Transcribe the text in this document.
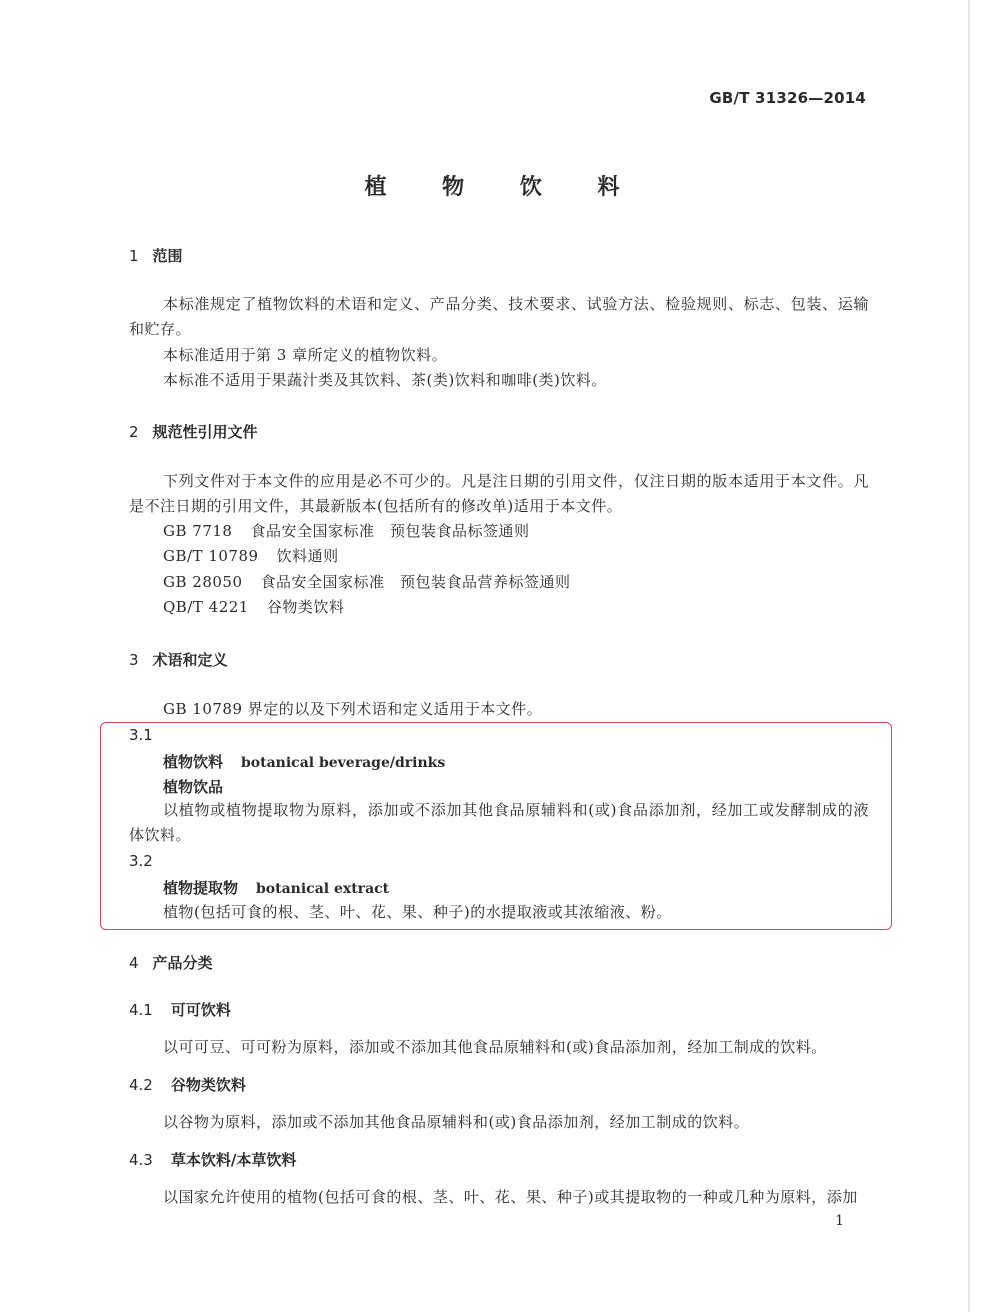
GB/T 31326—2014
植 物 饮 料
1 范围
本标准规定了植物饮料的术语和定义、产品分类、技术要求、试验方法、检验规则、标志、包装、运输和贮存。
本标准适用于第 3 章所定义的植物饮料。
本标准不适用于果蔬汁类及其饮料、茶(类)饮料和咖啡(类)饮料。
2 规范性引用文件
下列文件对于本文件的应用是必不可少的。凡是注日期的引用文件，仅注日期的版本适用于本文件。凡是不注日期的引用文件，其最新版本(包括所有的修改单)适用于本文件。
GB 7718 食品安全国家标准　预包装食品标签通则
GB/T 10789 饮料通则
GB 28050 食品安全国家标准　预包装食品营养标签通则
QB/T 4221 谷物类饮料
3 术语和定义
GB 10789 界定的以及下列术语和定义适用于本文件。
3.1
植物饮料 botanical beverage/drinks
植物饮品
以植物或植物提取物为原料，添加或不添加其他食品原辅料和(或)食品添加剂，经加工或发酵制成的液体饮料。
3.2
植物提取物 botanical extract
植物(包括可食的根、茎、叶、花、果、种子)的水提取液或其浓缩液、粉。
4 产品分类
4.1 可可饮料
以可可豆、可可粉为原料，添加或不添加其他食品原辅料和(或)食品添加剂，经加工制成的饮料。
4.2 谷物类饮料
以谷物为原料，添加或不添加其他食品原辅料和(或)食品添加剂，经加工制成的饮料。
4.3 草本饮料/本草饮料
以国家允许使用的植物(包括可食的根、茎、叶、花、果、种子)或其提取物的一种或几种为原料，添加
1
